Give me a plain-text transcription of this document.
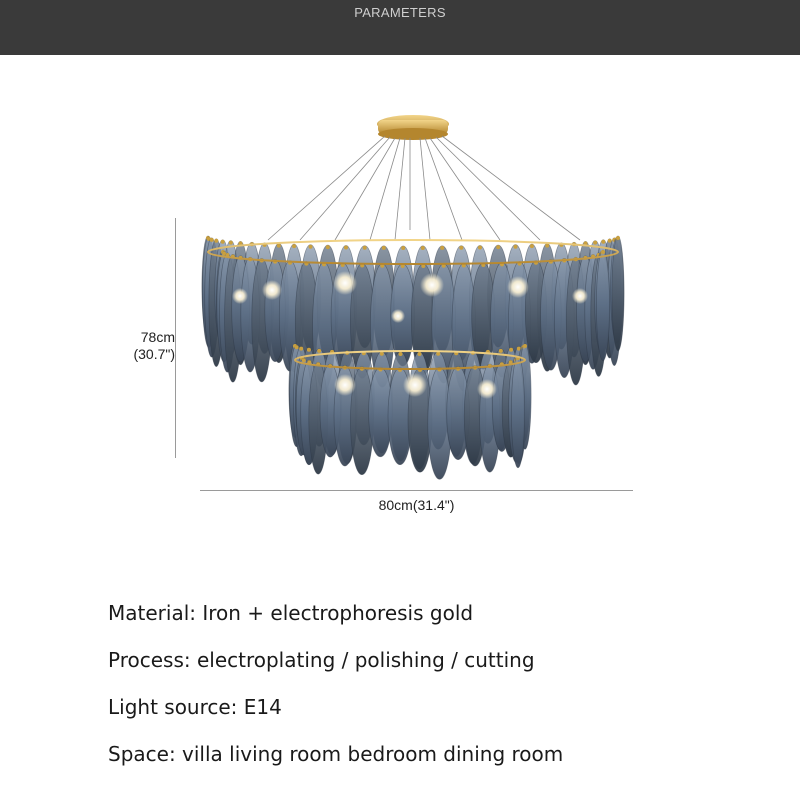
PARAMETERS
78cm
(30.7")
80cm(31.4")
Material: Iron + electrophoresis gold
Process: electroplating / polishing / cutting
Light source: E14
Space: villa living room bedroom dining room
